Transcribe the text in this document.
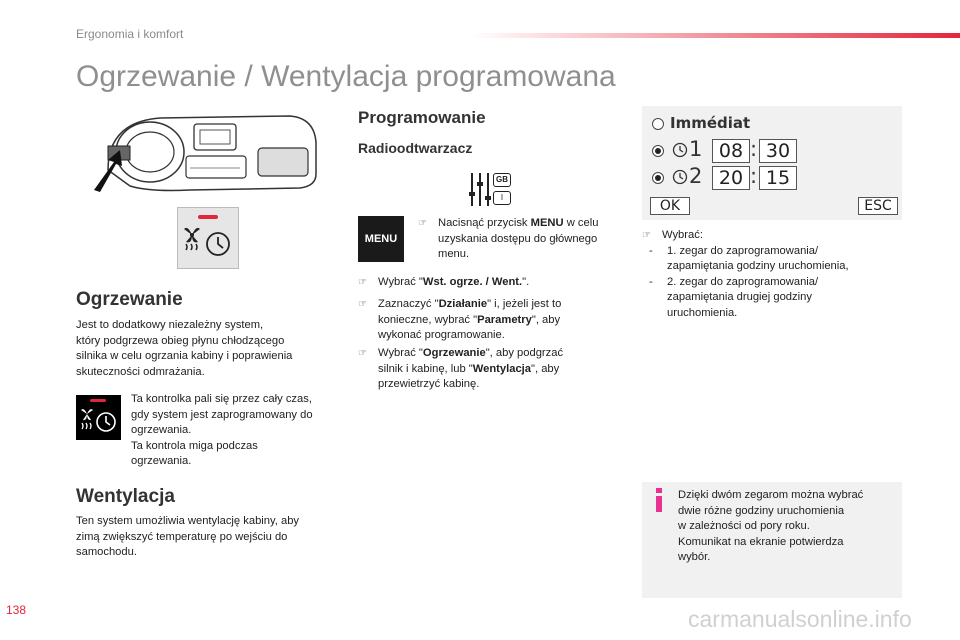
Ergonomia i komfort
Ogrzewanie / Wentylacja programowana
Ogrzewanie
Jest to dodatkowy niezależny system,
który podgrzewa obieg płynu chłodzącego
silnika w celu ogrzania kabiny i poprawienia
skuteczności odmrażania.
Ta kontrolka pali się przez cały czas,
gdy system jest zaprogramowany do
ogrzewania.
Ta kontrola miga podczas
ogrzewania.
Wentylacja
Ten system umożliwia wentylację kabiny, aby
zimą zwiększyć temperaturę po wejściu do
samochodu.
Programowanie
Radioodtwarzacz
GB
I
MENU
☞ Nacisnąć przycisk MENU w celu
uzyskania dostępu do głównego
menu.
☞ Wybrać "Wst. ogrze. / Went.".
☞ Zaznaczyć "Działanie" i, jeżeli jest to
konieczne, wybrać "Parametry", aby
wykonać programowanie.
☞ Wybrać "Ogrzewanie", aby podgrzać
silnik i kabinę, lub "Wentylacja", aby
przewietrzyć kabinę.
Immédiat
1 08 : 30
2 20 : 15
OK	ESC
☞ Wybrać:
-	1. zegar do zaprogramowania/
zapamiętania godziny uruchomienia,
-	2. zegar do zaprogramowania/
zapamiętania drugiej godziny
uruchomienia.
Dzięki dwóm zegarom można wybrać
dwie różne godziny uruchomienia
w zależności od pory roku.
Komunikat na ekranie potwierdza
wybór.
138	carmanualsonline.info
